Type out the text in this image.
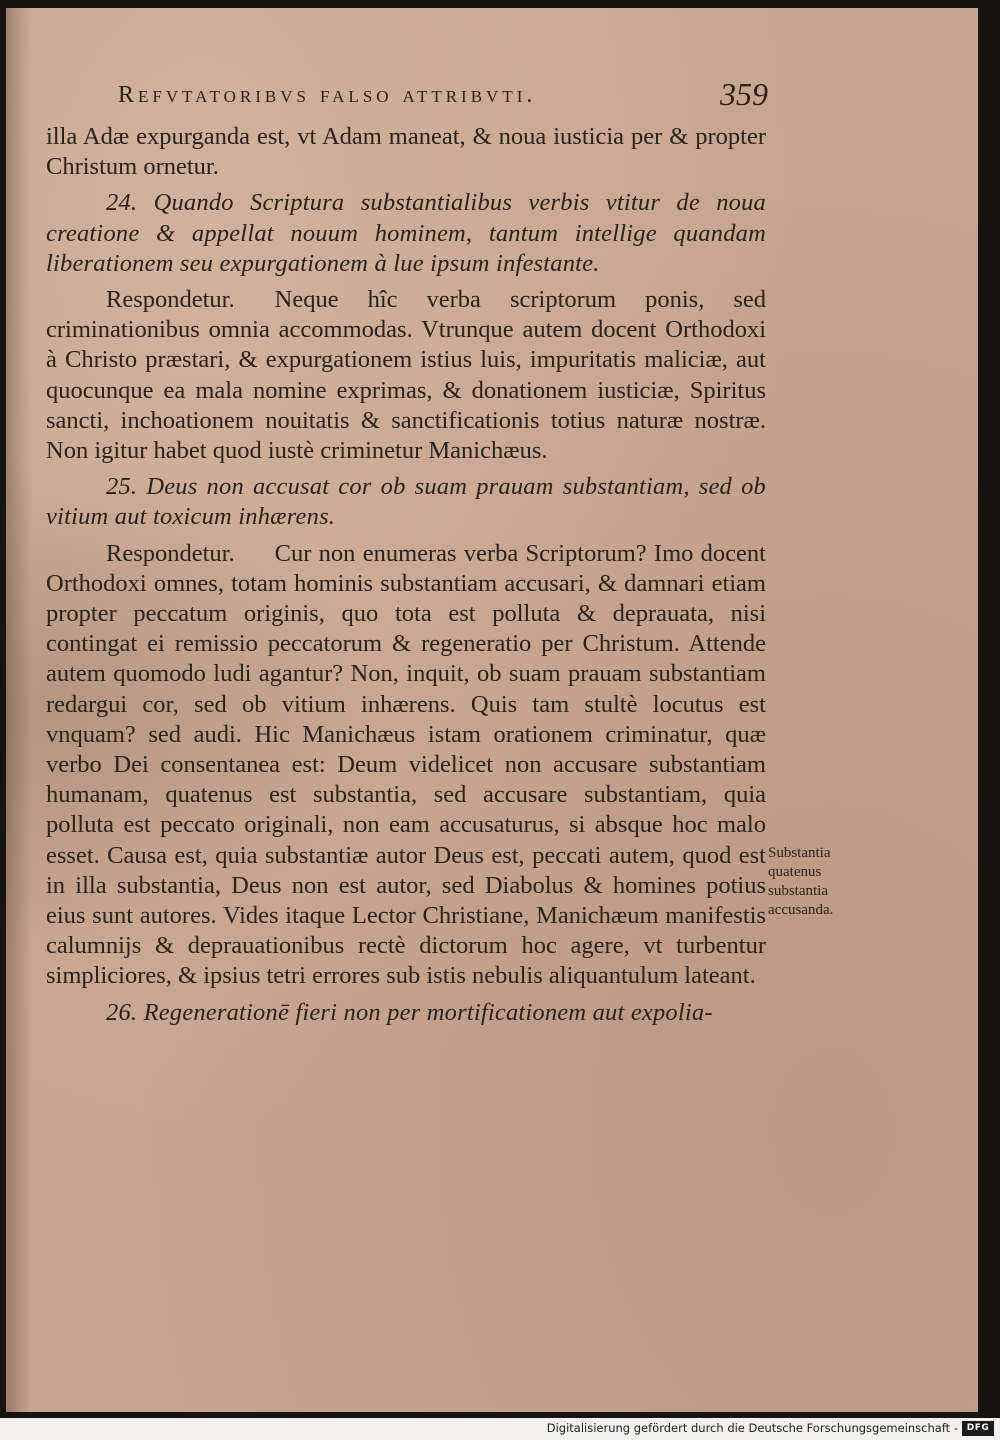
Refvtatoribvs falso attribvti.	359

illa Adæ expurganda est, vt Adam maneat, & noua iusticia per & propter Christum ornetur.

24. Quando Scriptura substantialibus verbis vtitur de noua creatione & appellat nouum hominem, tantum intellige quandam liberationem seu expurgationem à lue ipsum infestante.

Respondetur. Neque hîc verba scriptorum ponis, sed criminationibus omnia accommodas. Vtrunque autem docent Orthodoxi à Christo præstari, & expurgationem istius luis, impuritatis maliciæ, aut quocunque ea mala nomine exprimas, & donationem iusticiæ, Spiritus sancti, inchoationem nouitatis & sanctificationis totius naturæ nostræ. Non igitur habet quod iustè criminetur Manichæus.

25. Deus non accusat cor ob suam prauam substantiam, sed ob vitium aut toxicum inhærens.

Respondetur. Cur non enumeras verba Scriptorum? Imo docent Orthodoxi omnes, totam hominis substantiam accusari, & damnari etiam propter peccatum originis, quo tota est polluta & deprauata, nisi contingat ei remissio peccatorum & regeneratio per Christum. Attende autem quomodo ludi agantur? Non, inquit, ob suam prauam substantiam redargui cor, sed ob vitium inhærens. Quis tam stultè locutus est vnquam? sed audi. Hic Manichæus istam orationem criminatur, quæ verbo Dei consentanea est: Deum videlicet non accusare substantiam humanam, quatenus est substantia, sed accusare substantiam, quia polluta est peccato originali, non eam accusaturus, si absque hoc malo esset. Causa est, quia substantiæ autor Deus est, peccati autem, quod est in illa substantia, Deus non est autor, sed Diabolus & homines potius eius sunt autores. Vides itaque Lector Christiane, Manichæum manifestis calumnijs & deprauationibus rectè dictorum hoc agere, vt turbentur simpliciores, & ipsius tetri errores sub istis nebulis aliquantulum lateant.

26. Regenerationē fieri non per mortificationem aut expolia-

Substantia quatenus substantia accusanda.
Digitalisierung gefördert durch die Deutsche Forschungsgemeinschaft - DFG
